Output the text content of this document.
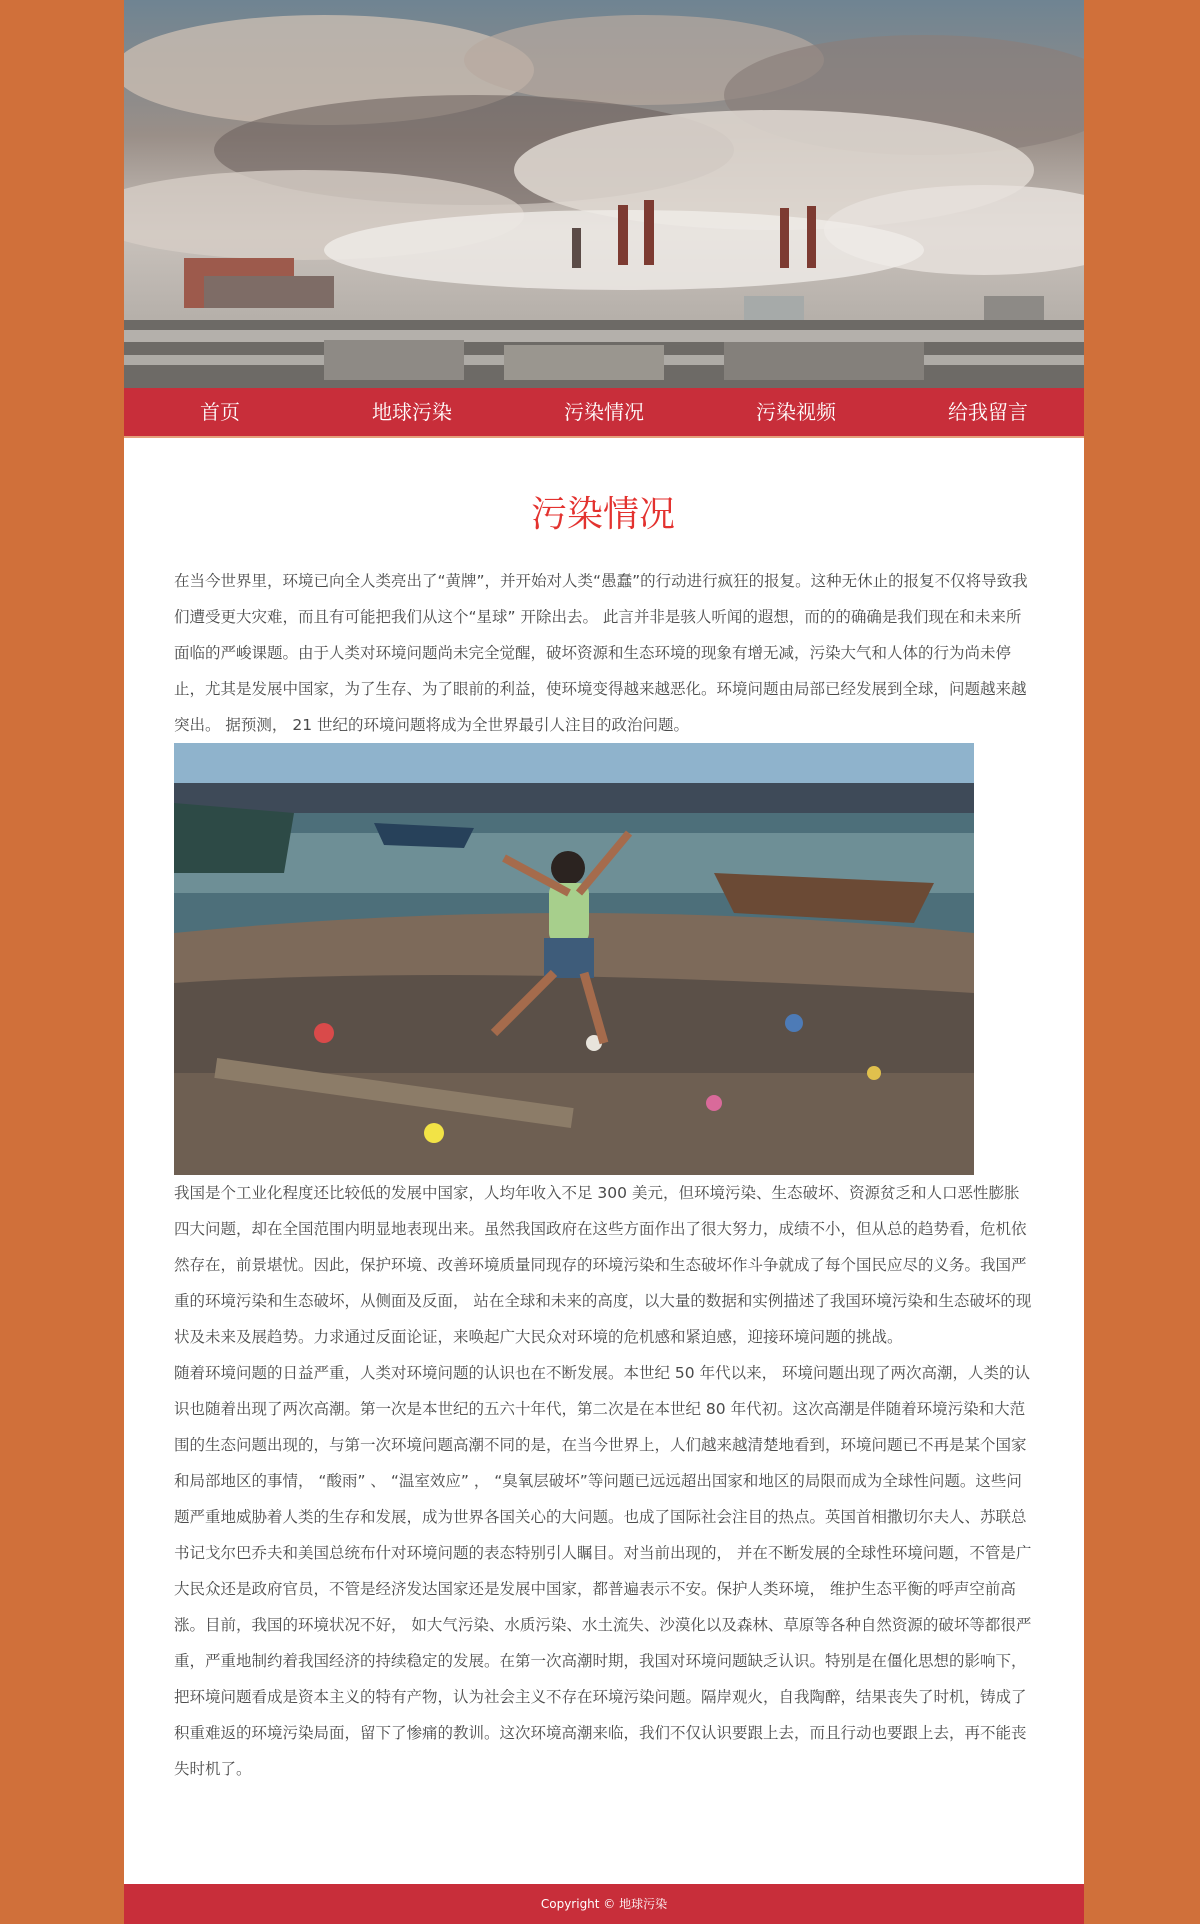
首页	地球污染	污染情况	污染视频	给我留言
污染情况

在当今世界里，环境已向全人类亮出了“黄牌”，并开始对人类“愚蠢”的行动进行疯狂的报复。这种无休止的报复不仅将导致我们遭受更大灾难，而且有可能把我们从这个“星球” 开除出去。 此言并非是骇人听闻的遐想，而的的确确是我们现在和未来所面临的严峻课题。由于人类对环境问题尚未完全觉醒，破坏资源和生态环境的现象有增无减，污染大气和人体的行为尚未停止，尤其是发展中国家，为了生存、为了眼前的利益，使环境变得越来越恶化。环境问题由局部已经发展到全球，问题越来越突出。 据预测， 21 世纪的环境问题将成为全世界最引人注目的政治问题。

我国是个工业化程度还比较低的发展中国家，人均年收入不足 300 美元，但环境污染、生态破坏、资源贫乏和人口恶性膨胀四大问题，却在全国范围内明显地表现出来。虽然我国政府在这些方面作出了很大努力，成绩不小，但从总的趋势看，危机依然存在，前景堪忧。因此，保护环境、改善环境质量同现存的环境污染和生态破坏作斗争就成了每个国民应尽的义务。我国严重的环境污染和生态破坏，从侧面及反面， 站在全球和未来的高度，以大量的数据和实例描述了我国环境污染和生态破坏的现状及未来及展趋势。力求通过反面论证，来唤起广大民众对环境的危机感和紧迫感，迎接环境问题的挑战。

随着环境问题的日益严重，人类对环境问题的认识也在不断发展。本世纪 50 年代以来， 环境问题出现了两次高潮，人类的认识也随着出现了两次高潮。第一次是本世纪的五六十年代，第二次是在本世纪 80 年代初。这次高潮是伴随着环境污染和大范围的生态问题出现的，与第一次环境问题高潮不同的是，在当今世界上，人们越来越清楚地看到，环境问题已不再是某个国家和局部地区的事情， “酸雨” 、 “温室效应” ， “臭氧层破坏”等问题已远远超出国家和地区的局限而成为全球性问题。这些问题严重地威胁着人类的生存和发展，成为世界各国关心的大问题。也成了国际社会注目的热点。英国首相撒切尔夫人、苏联总书记戈尔巴乔夫和美国总统布什对环境问题的表态特别引人瞩目。对当前出现的， 并在不断发展的全球性环境问题，不管是广大民众还是政府官员，不管是经济发达国家还是发展中国家，都普遍表示不安。保护人类环境， 维护生态平衡的呼声空前高涨。目前，我国的环境状况不好， 如大气污染、水质污染、水土流失、沙漠化以及森林、草原等各种自然资源的破坏等都很严重，严重地制约着我国经济的持续稳定的发展。在第一次高潮时期，我国对环境问题缺乏认识。特别是在僵化思想的影响下，把环境问题看成是资本主义的特有产物，认为社会主义不存在环境污染问题。隔岸观火，自我陶醉，结果丧失了时机，铸成了积重难返的环境污染局面，留下了惨痛的教训。这次环境高潮来临，我们不仅认识要跟上去，而且行动也要跟上去，再不能丧失时机了。

Copyright © 地球污染
